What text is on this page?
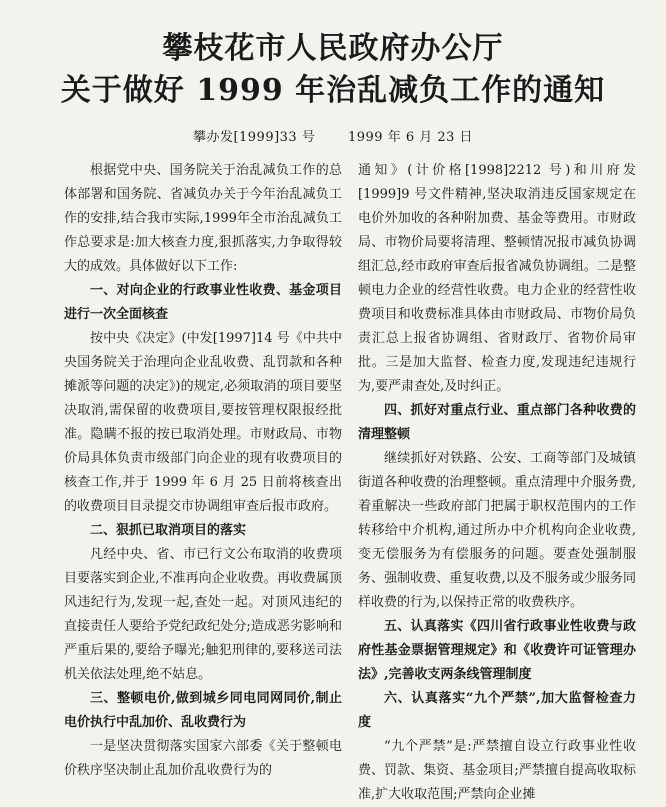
攀枝花市人民政府办公厅
关于做好 1999 年治乱减负工作的通知
攀办发[1999]33 号	1999 年 6 月 23 日

根据党中央、国务院关于治乱减负工作的总体部署和国务院、省减负办关于今年治乱减负工作的安排,结合我市实际,1999年全市治乱减负工作总要求是:加大核查力度,狠抓落实,力争取得较大的成效。具体做好以下工作:

一、对向企业的行政事业性收费、基金项目进行一次全面核查

按中央《决定》(中发[1997]14 号《中共中央国务院关于治理向企业乱收费、乱罚款和各种摊派等问题的决定》)的规定,必须取消的项目要坚决取消,需保留的收费项目,要按管理权限报经批准。隐瞒不报的按已取消处理。市财政局、市物价局具体负责市级部门向企业的现有收费项目的核查工作,并于 1999 年 6 月 25 日前将核查出的收费项目目录提交市协调组审查后报市政府。

二、狠抓已取消项目的落实

凡经中央、省、市已行文公布取消的收费项目要落实到企业,不准再向企业收费。再收费属顶风违纪行为,发现一起,查处一起。对顶风违纪的直接责任人要给予党纪政纪处分;造成恶劣影响和严重后果的,要给予曝光;触犯刑律的,要移送司法机关依法处理,绝不姑息。

三、整顿电价,做到城乡同电同网同价,制止电价执行中乱加价、乱收费行为

一是坚决贯彻落实国家六部委《关于整顿电价秩序坚决制止乱加价乱收费行为的

通知》(计价格[1998]2212 号)和川府发[1999]9 号文件精神,坚决取消违反国家规定在电价外加收的各种附加费、基金等费用。市财政局、市物价局要将清理、整顿情况报市减负协调组汇总,经市政府审查后报省减负协调组。二是整顿电力企业的经营性收费。电力企业的经营性收费项目和收费标准具体由市财政局、市物价局负责汇总上报省协调组、省财政厅、省物价局审批。三是加大监督、检查力度,发现违纪违规行为,要严肃查处,及时纠正。

四、抓好对重点行业、重点部门各种收费的清理整顿

继续抓好对铁路、公安、工商等部门及城镇街道各种收费的治理整顿。重点清理中介服务费,着重解决一些政府部门把属于职权范围内的工作转移给中介机构,通过所办中介机构向企业收费,变无偿服务为有偿服务的问题。要查处强制服务、强制收费、重复收费,以及不服务或少服务同样收费的行为,以保持正常的收费秩序。

五、认真落实《四川省行政事业性收费与政府性基金票据管理规定》和《收费许可证管理办法》,完善收支两条线管理制度

六、认真落实“九个严禁”,加大监督检查力度

“九个严禁”是:严禁擅自设立行政事业性收费、罚款、集资、基金项目;严禁擅自提高收取标准,扩大收取范围;严禁向企业摊
